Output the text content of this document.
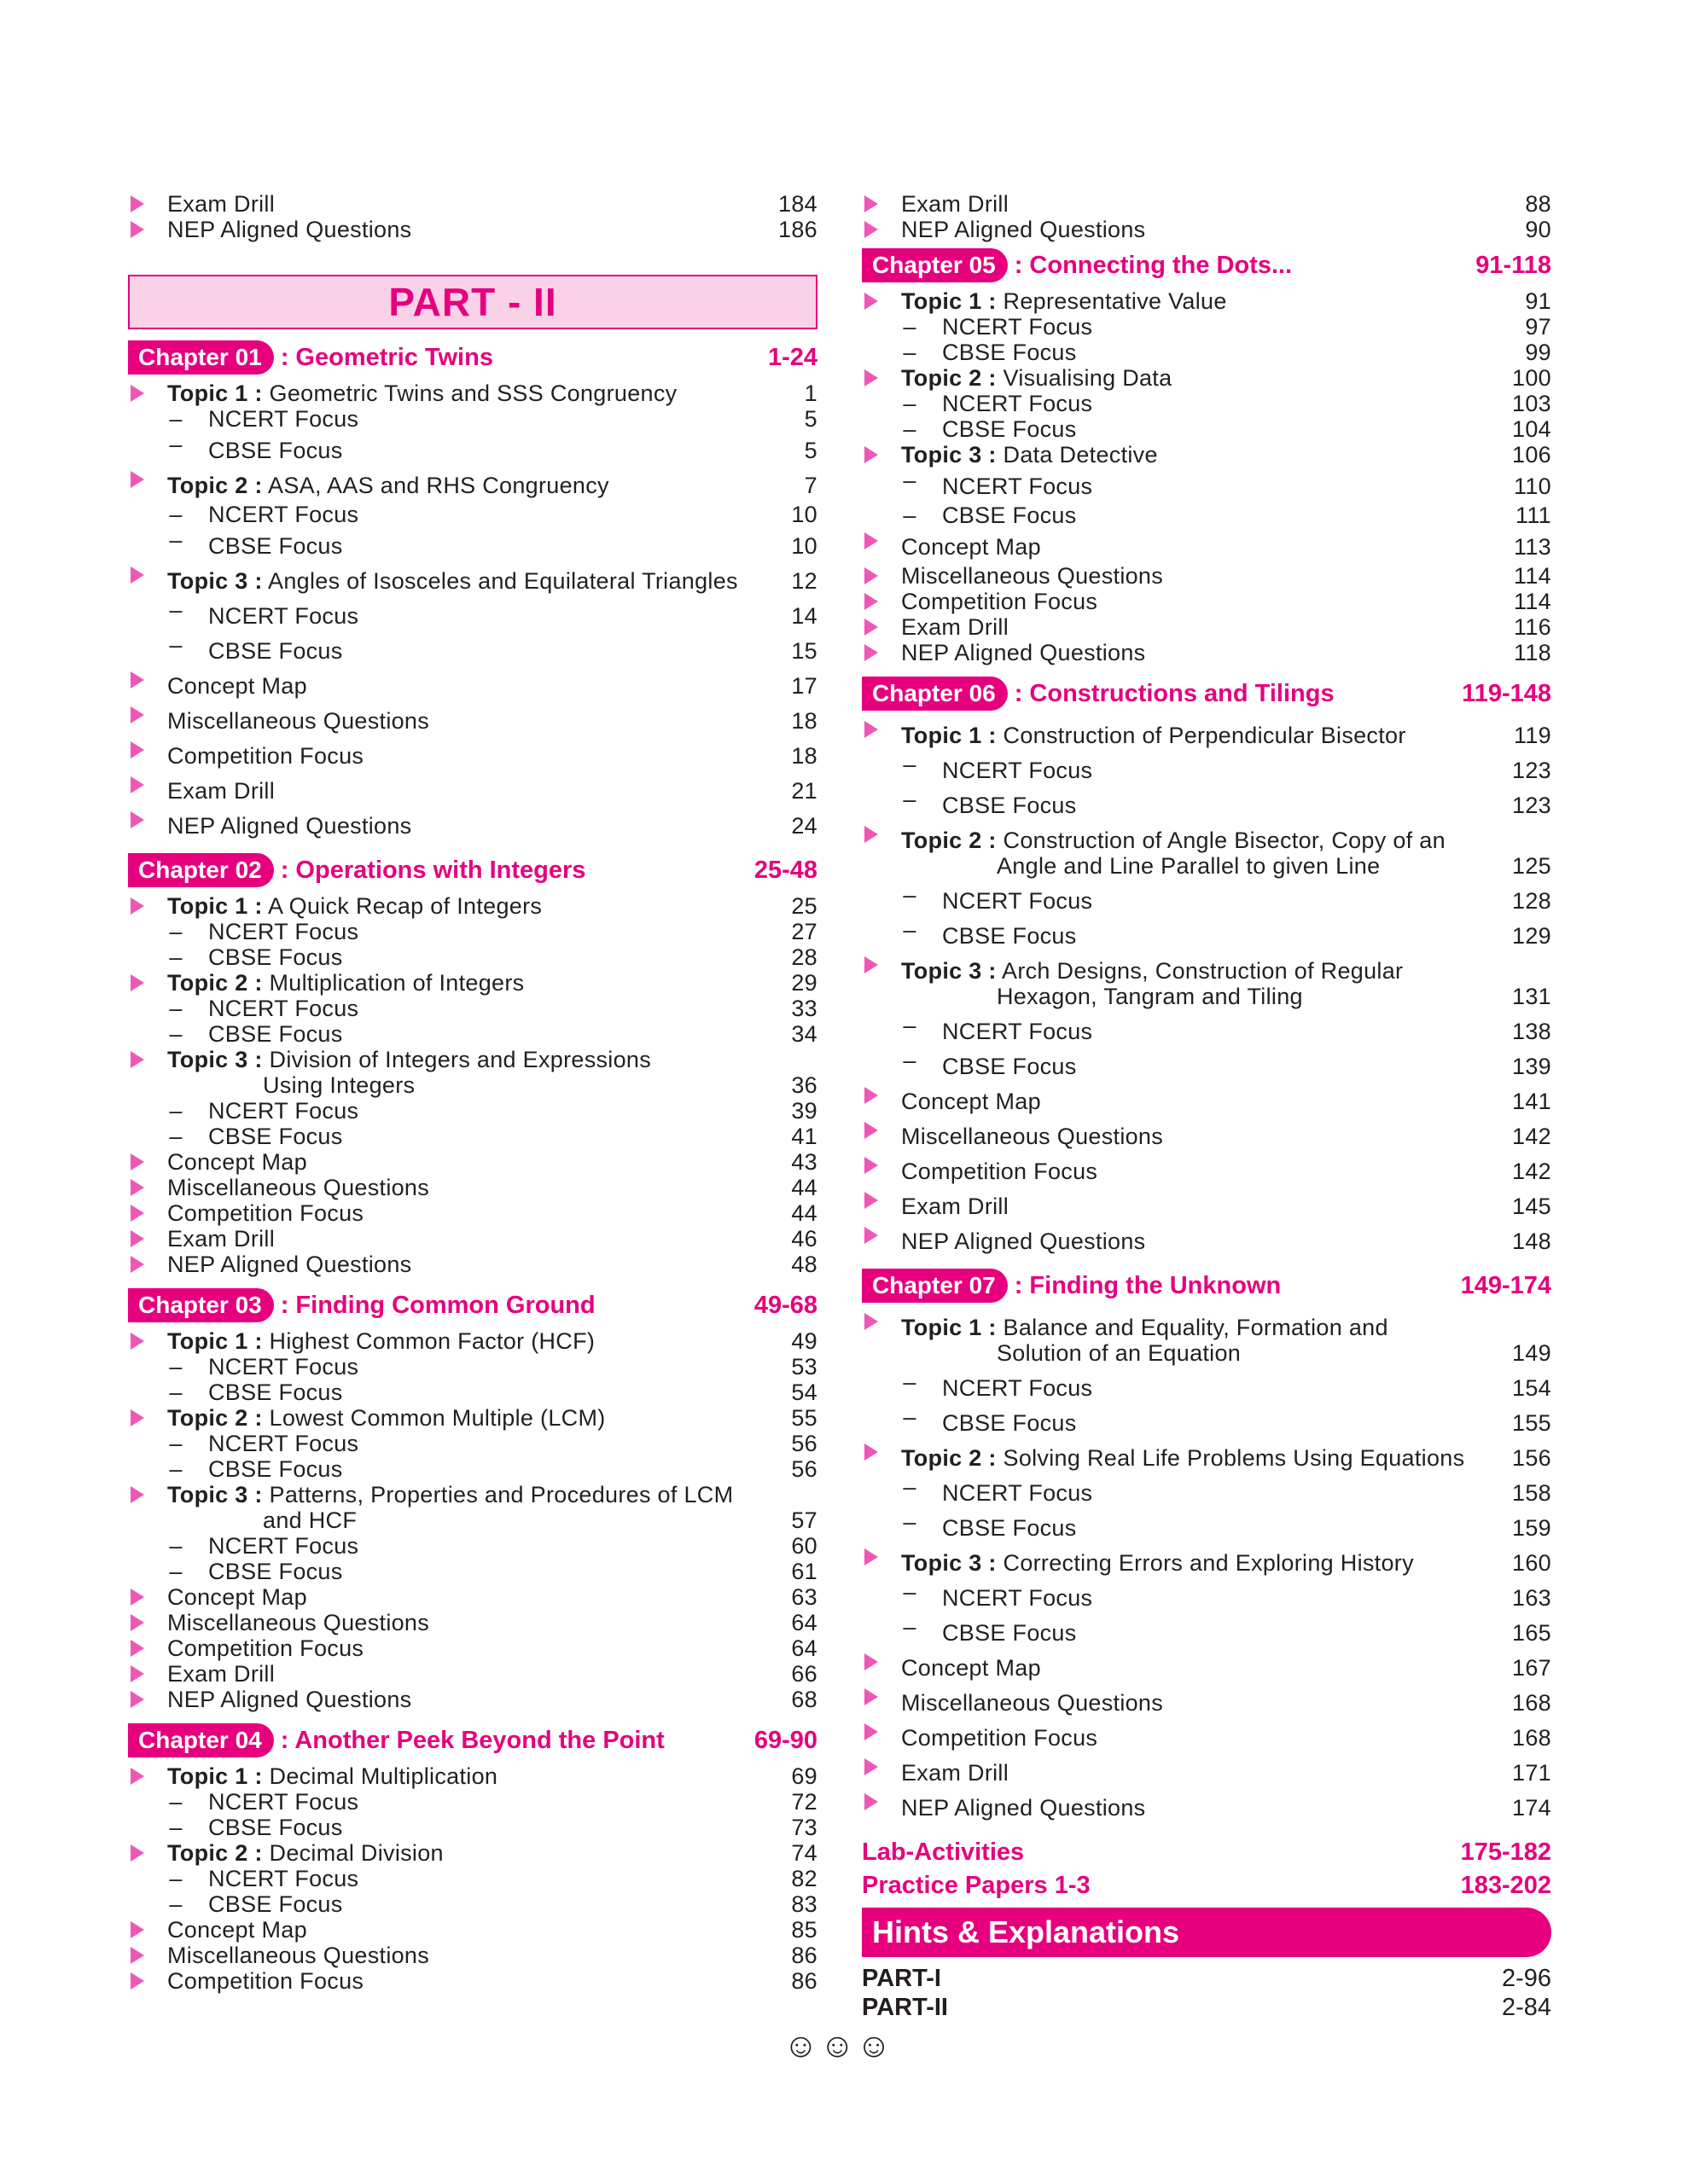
Exam Drill	184
NEP Aligned Questions	186
PART - II
Chapter 01 : Geometric Twins	1-24
Topic 1 : Geometric Twins and SSS Congruency	1
–	NCERT Focus	5
–	CBSE Focus	5
Topic 2 : ASA, AAS and RHS Congruency	7
–	NCERT Focus	10
–	CBSE Focus	10
Topic 3 : Angles of Isosceles and Equilateral Triangles	12
–	NCERT Focus	14
–	CBSE Focus	15
Concept Map	17
Miscellaneous Questions	18
Competition Focus	18
Exam Drill	21
NEP Aligned Questions	24
Chapter 02 : Operations with Integers	25-48
Topic 1 : A Quick Recap of Integers	25
–	NCERT Focus	27
–	CBSE Focus	28
Topic 2 : Multiplication of Integers	29
–	NCERT Focus	33
–	CBSE Focus	34
Topic 3 : Division of Integers and Expressions
Using Integers	36
–	NCERT Focus	39
–	CBSE Focus	41
Concept Map	43
Miscellaneous Questions	44
Competition Focus	44
Exam Drill	46
NEP Aligned Questions	48
Chapter 03 : Finding Common Ground	49-68
Topic 1 : Highest Common Factor (HCF)	49
–	NCERT Focus	53
–	CBSE Focus	54
Topic 2 : Lowest Common Multiple (LCM)	55
–	NCERT Focus	56
–	CBSE Focus	56
Topic 3 : Patterns, Properties and Procedures of LCM
and HCF	57
–	NCERT Focus	60
–	CBSE Focus	61
Concept Map	63
Miscellaneous Questions	64
Competition Focus	64
Exam Drill	66
NEP Aligned Questions	68
Chapter 04 : Another Peek Beyond the Point	69-90
Topic 1 : Decimal Multiplication	69
–	NCERT Focus	72
–	CBSE Focus	73
Topic 2 : Decimal Division	74
–	NCERT Focus	82
–	CBSE Focus	83
Concept Map	85
Miscellaneous Questions	86
Competition Focus	86
Exam Drill	88
NEP Aligned Questions	90
Chapter 05 : Connecting the Dots...	91-118
Topic 1 : Representative Value	91
–	NCERT Focus	97
–	CBSE Focus	99
Topic 2 : Visualising Data	100
–	NCERT Focus	103
–	CBSE Focus	104
Topic 3 : Data Detective	106
–	NCERT Focus	110
–	CBSE Focus	111
Concept Map	113
Miscellaneous Questions	114
Competition Focus	114
Exam Drill	116
NEP Aligned Questions	118
Chapter 06 : Constructions and Tilings	119-148
Topic 1 : Construction of Perpendicular Bisector	119
–	NCERT Focus	123
–	CBSE Focus	123
Topic 2 : Construction of Angle Bisector, Copy of an
Angle and Line Parallel to given Line	125
–	NCERT Focus	128
–	CBSE Focus	129
Topic 3 : Arch Designs, Construction of Regular
Hexagon, Tangram and Tiling	131
–	NCERT Focus	138
–	CBSE Focus	139
Concept Map	141
Miscellaneous Questions	142
Competition Focus	142
Exam Drill	145
NEP Aligned Questions	148
Chapter 07 : Finding the Unknown	149-174
Topic 1 : Balance and Equality, Formation and
Solution of an Equation	149
–	NCERT Focus	154
–	CBSE Focus	155
Topic 2 : Solving Real Life Problems Using Equations	156
–	NCERT Focus	158
–	CBSE Focus	159
Topic 3 : Correcting Errors and Exploring History	160
–	NCERT Focus	163
–	CBSE Focus	165
Concept Map	167
Miscellaneous Questions	168
Competition Focus	168
Exam Drill	171
NEP Aligned Questions	174
Lab-Activities	175-182
Practice Papers 1-3	183-202
Hints & Explanations
PART-I	2-96
PART-II	2-84
☺☺☺
